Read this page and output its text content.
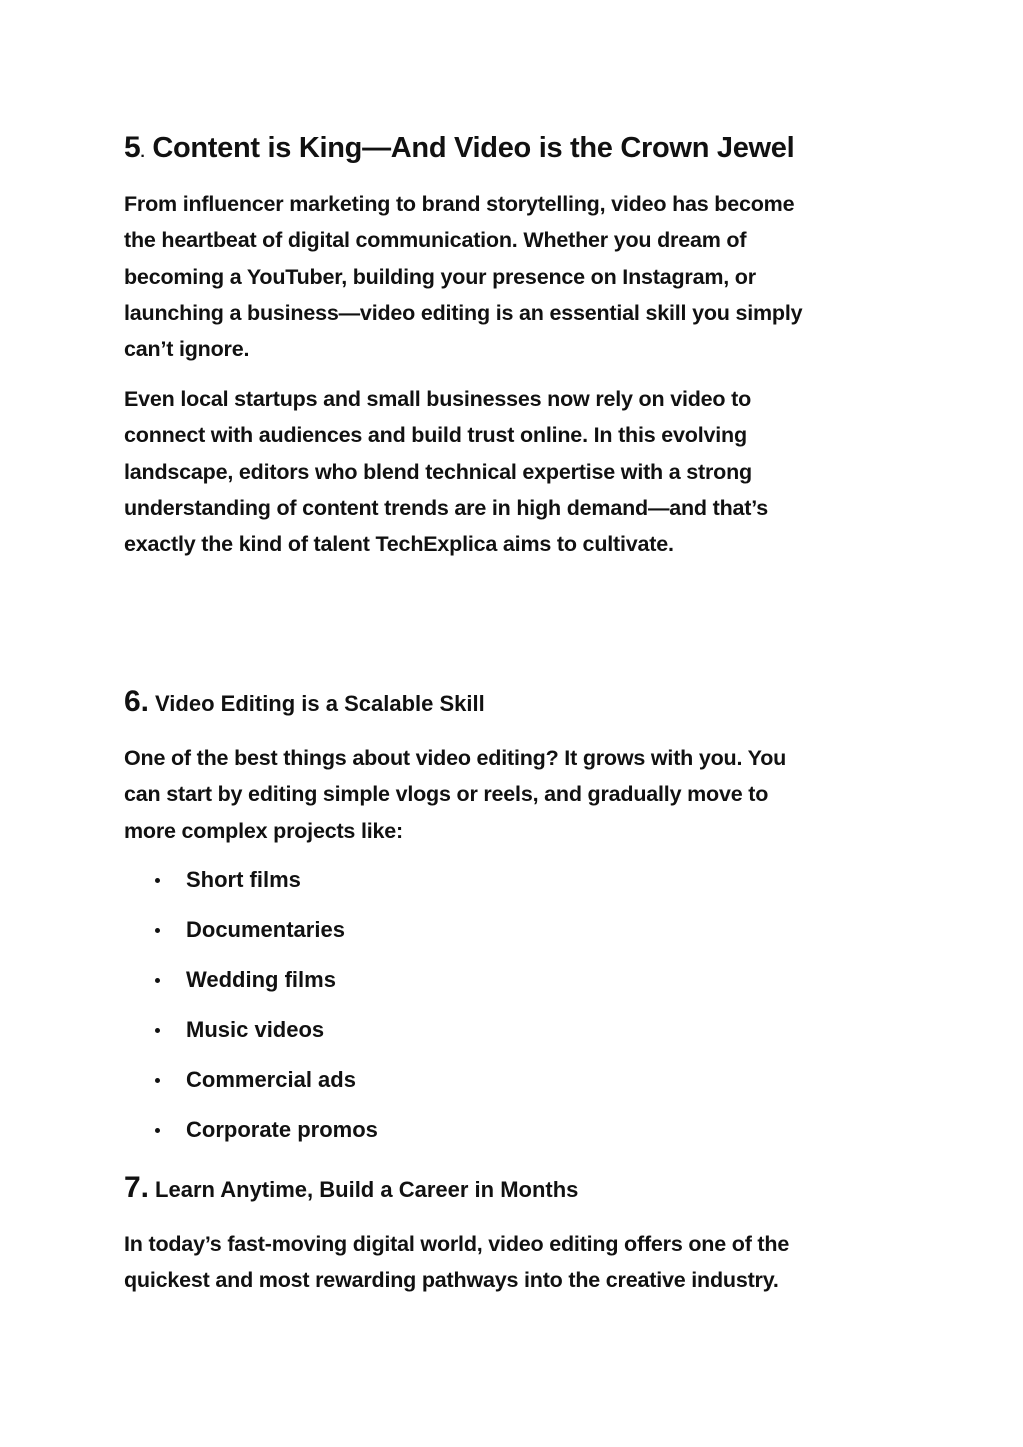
5. Content is King—And Video is the Crown Jewel

From influencer marketing to brand storytelling, video has become

the heartbeat of digital communication. Whether you dream of

becoming a YouTuber, building your presence on Instagram, or

launching a business—video editing is an essential skill you simply

can’t ignore.

Even local startups and small businesses now rely on video to

connect with audiences and build trust online. In this evolving

landscape, editors who blend technical expertise with a strong

understanding of content trends are in high demand—and that’s

exactly the kind of talent TechExplica aims to cultivate.

6. Video Editing is a Scalable Skill

One of the best things about video editing? It grows with you. You

can start by editing simple vlogs or reels, and gradually move to

more complex projects like:

Short films
Documentaries
Wedding films
Music videos
Commercial ads
Corporate promos
7. Learn Anytime, Build a Career in Months

In today’s fast-moving digital world, video editing offers one of the

quickest and most rewarding pathways into the creative industry.
